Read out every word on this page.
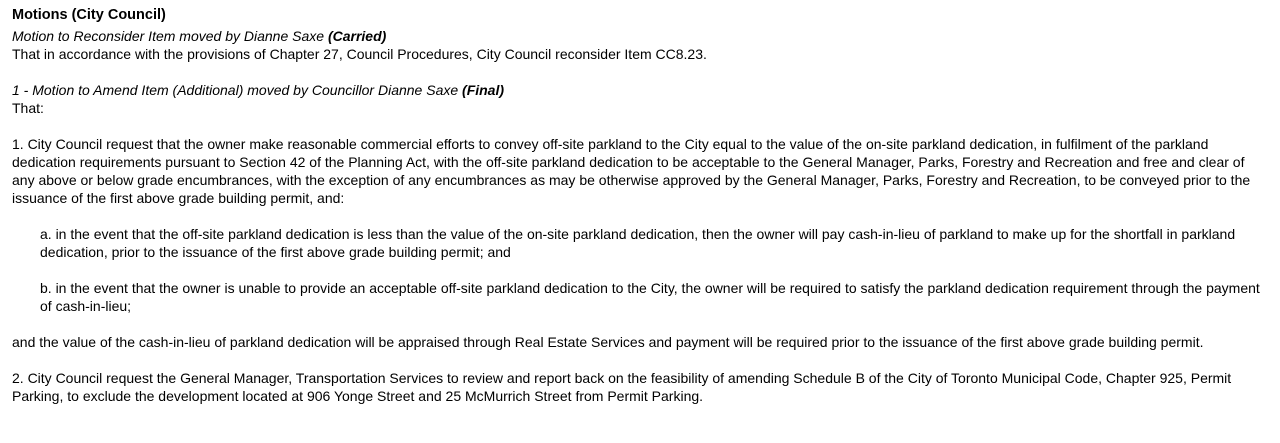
Motions (City Council)
Motion to Reconsider Item moved by Dianne Saxe (Carried)

That in accordance with the provisions of Chapter 27, Council Procedures, City Council reconsider Item CC8.23.

1 - Motion to Amend Item (Additional) moved by Councillor Dianne Saxe (Final)

That:

1. City Council request that the owner make reasonable commercial efforts to convey off-site parkland to the City equal to the value of the on-site parkland dedication, in fulfilment of the parkland dedication requirements pursuant to Section 42 of the Planning Act, with the off-site parkland dedication to be acceptable to the General Manager, Parks, Forestry and Recreation and free and clear of any above or below grade encumbrances, with the exception of any encumbrances as may be otherwise approved by the General Manager, Parks, Forestry and Recreation, to be conveyed prior to the issuance of the first above grade building permit, and:

a. in the event that the off-site parkland dedication is less than the value of the on-site parkland dedication, then the owner will pay cash-in-lieu of parkland to make up for the shortfall in parkland dedication, prior to the issuance of the first above grade building permit; and

b. in the event that the owner is unable to provide an acceptable off-site parkland dedication to the City, the owner will be required to satisfy the parkland dedication requirement through the payment of cash-in-lieu;

and the value of the cash-in-lieu of parkland dedication will be appraised through Real Estate Services and payment will be required prior to the issuance of the first above grade building permit.

2. City Council request the General Manager, Transportation Services to review and report back on the feasibility of amending Schedule B of the City of Toronto Municipal Code, Chapter 925, Permit Parking, to exclude the development located at 906 Yonge Street and 25 McMurrich Street from Permit Parking.
